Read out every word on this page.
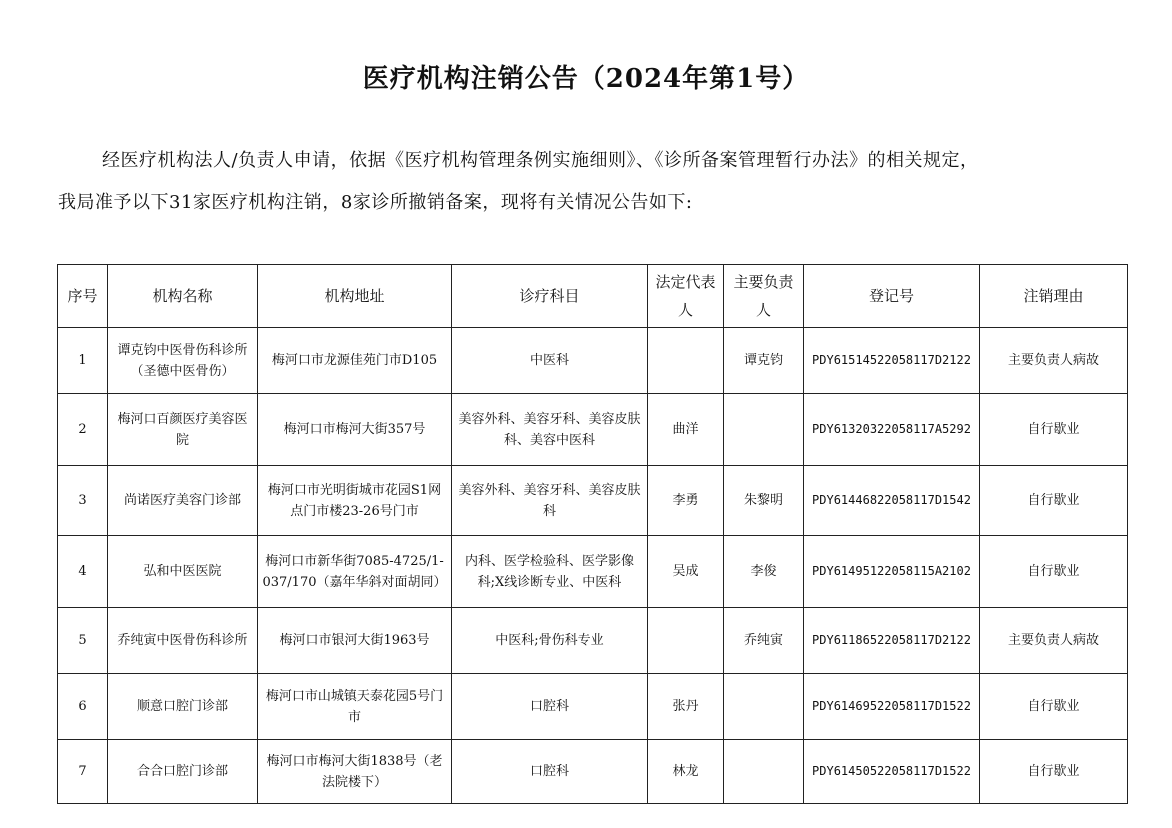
医疗机构注销公告（2024年第1号）

经医疗机构法人/负责人申请，依据《医疗机构管理条例实施细则》、《诊所备案管理暂行办法》的相关规定，

我局准予以下31家医疗机构注销，8家诊所撤销备案，现将有关情况公告如下:

序号	机构名称	机构地址	诊疗科目	法定代表人	主要负责人	登记号	注销理由
1	谭克钧中医骨伤科诊所（圣德中医骨伤）	梅河口市龙源佳苑门市D105	中医科		谭克钧	PDY61514522058117D2122	主要负责人病故
2	梅河口百颜医疗美容医院	梅河口市梅河大街357号	美容外科、美容牙科、美容皮肤科、美容中医科	曲洋		PDY61320322058117A5292	自行歇业
3	尚诺医疗美容门诊部	梅河口市光明街城市花园S1网点门市楼23-26号门市	美容外科、美容牙科、美容皮肤科	李勇	朱黎明	PDY61446822058117D1542	自行歇业
4	弘和中医医院	梅河口市新华街7085-4725/1-037/170（嘉年华斜对面胡同）	内科、医学检验科、医学影像科;X线诊断专业、中医科	吴成	李俊	PDY61495122058115A2102	自行歇业
5	乔纯寅中医骨伤科诊所	梅河口市银河大街1963号	中医科;骨伤科专业		乔纯寅	PDY61186522058117D2122	主要负责人病故
6	顺意口腔门诊部	梅河口市山城镇天泰花园5号门市	口腔科	张丹		PDY61469522058117D1522	自行歇业
7	合合口腔门诊部	梅河口市梅河大街1838号（老法院楼下）	口腔科	林龙		PDY61450522058117D1522	自行歇业
